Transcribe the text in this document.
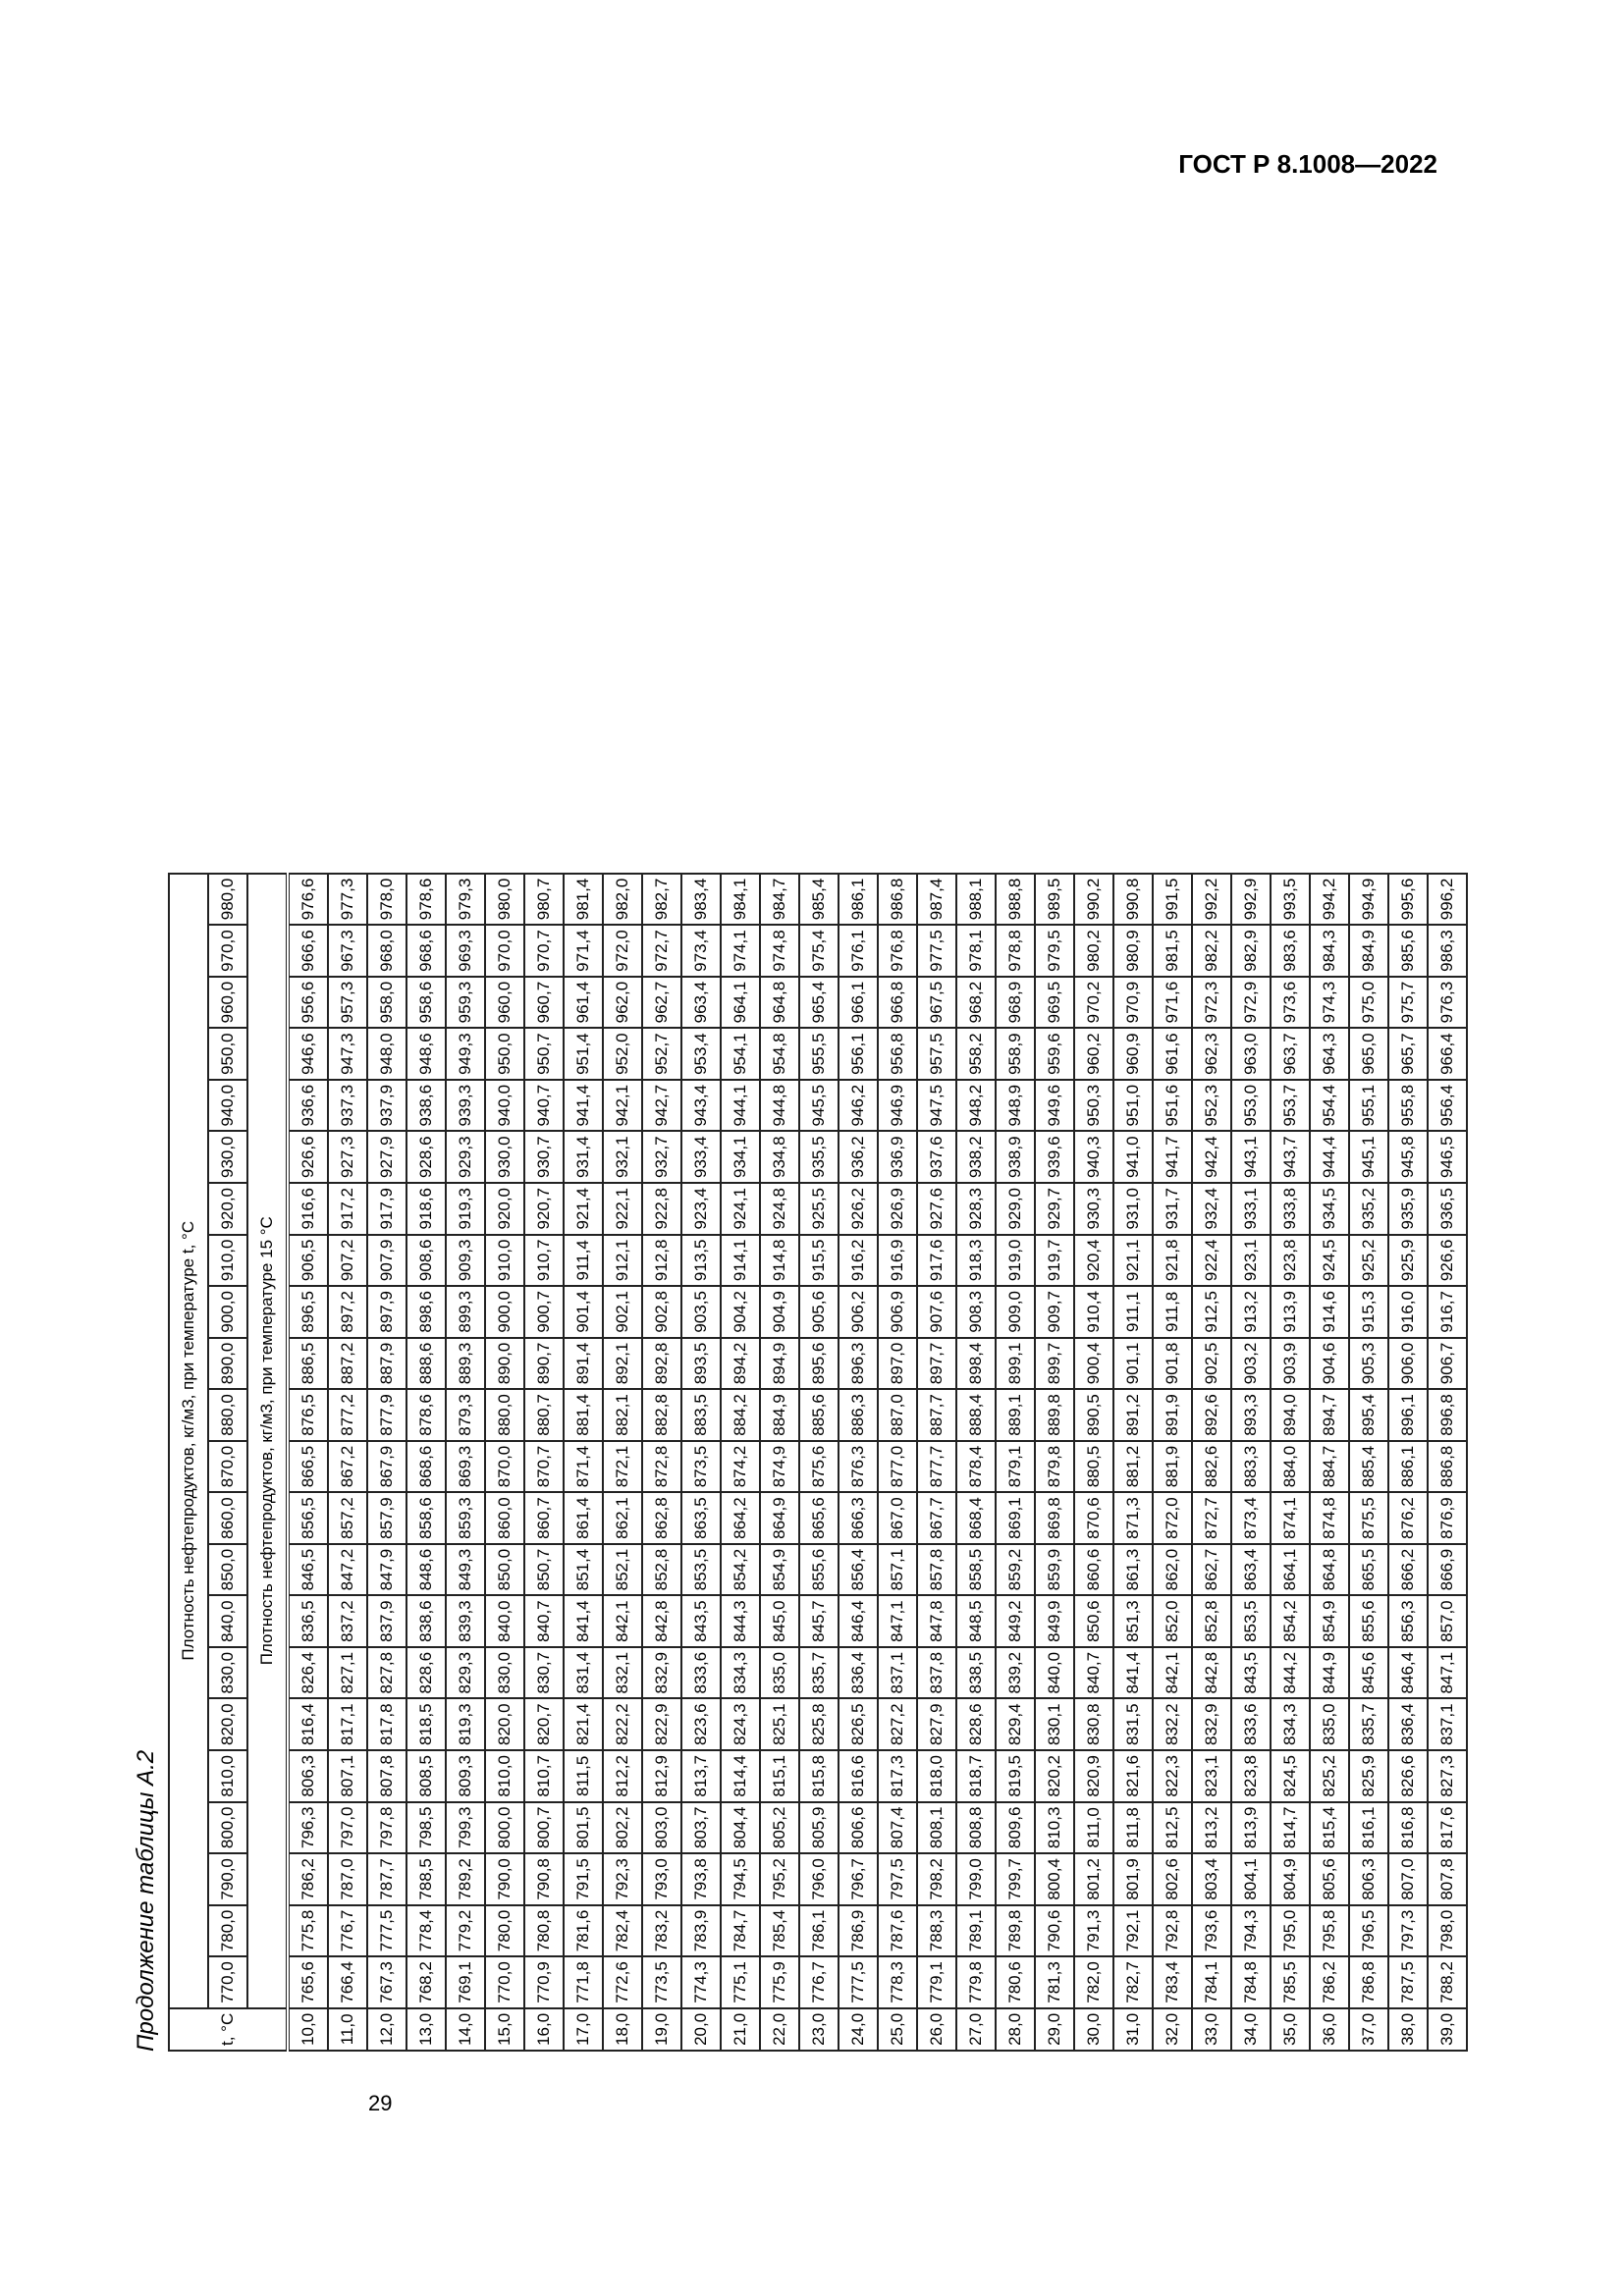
ГОСТ Р 8.1008—2022
Продолжение таблицы А.2	t, °C	Плотность нефтепродуктов, кг/м3, при температуре t, °C																					
	770,0	780,0	790,0	800,0	810,0	820,0	830,0	840,0	850,0	860,0	870,0	880,0	890,0	900,0	910,0	920,0	930,0	940,0	950,0	960,0	970,0	980,0
	Плотность нефтепродуктов, кг/м3, при температуре 15 °C																					
10,0	765,6	775,8	786,2	796,3	806,3	816,4	826,4	836,5	846,5	856,5	866,5	876,5	886,5	896,5	906,5	916,6	926,6	936,6	946,6	956,6	966,6	976,6
11,0	766,4	776,7	787,0	797,0	807,1	817,1	827,1	837,2	847,2	857,2	867,2	877,2	887,2	897,2	907,2	917,2	927,3	937,3	947,3	957,3	967,3	977,3
12,0	767,3	777,5	787,7	797,8	807,8	817,8	827,8	837,9	847,9	857,9	867,9	877,9	887,9	897,9	907,9	917,9	927,9	937,9	948,0	958,0	968,0	978,0
13,0	768,2	778,4	788,5	798,5	808,5	818,5	828,6	838,6	848,6	858,6	868,6	878,6	888,6	898,6	908,6	918,6	928,6	938,6	948,6	958,6	968,6	978,6
14,0	769,1	779,2	789,2	799,3	809,3	819,3	829,3	839,3	849,3	859,3	869,3	879,3	889,3	899,3	909,3	919,3	929,3	939,3	949,3	959,3	969,3	979,3
15,0	770,0	780,0	790,0	800,0	810,0	820,0	830,0	840,0	850,0	860,0	870,0	880,0	890,0	900,0	910,0	920,0	930,0	940,0	950,0	960,0	970,0	980,0
16,0	770,9	780,8	790,8	800,7	810,7	820,7	830,7	840,7	850,7	860,7	870,7	880,7	890,7	900,7	910,7	920,7	930,7	940,7	950,7	960,7	970,7	980,7
17,0	771,8	781,6	791,5	801,5	811,5	821,4	831,4	841,4	851,4	861,4	871,4	881,4	891,4	901,4	911,4	921,4	931,4	941,4	951,4	961,4	971,4	981,4
18,0	772,6	782,4	792,3	802,2	812,2	822,2	832,1	842,1	852,1	862,1	872,1	882,1	892,1	902,1	912,1	922,1	932,1	942,1	952,0	962,0	972,0	982,0
19,0	773,5	783,2	793,0	803,0	812,9	822,9	832,9	842,8	852,8	862,8	872,8	882,8	892,8	902,8	912,8	922,8	932,7	942,7	952,7	962,7	972,7	982,7
20,0	774,3	783,9	793,8	803,7	813,7	823,6	833,6	843,5	853,5	863,5	873,5	883,5	893,5	903,5	913,5	923,4	933,4	943,4	953,4	963,4	973,4	983,4
21,0	775,1	784,7	794,5	804,4	814,4	824,3	834,3	844,3	854,2	864,2	874,2	884,2	894,2	904,2	914,1	924,1	934,1	944,1	954,1	964,1	974,1	984,1
22,0	775,9	785,4	795,2	805,2	815,1	825,1	835,0	845,0	854,9	864,9	874,9	884,9	894,9	904,9	914,8	924,8	934,8	944,8	954,8	964,8	974,8	984,7
23,0	776,7	786,1	796,0	805,9	815,8	825,8	835,7	845,7	855,6	865,6	875,6	885,6	895,6	905,6	915,5	925,5	935,5	945,5	955,5	965,4	975,4	985,4
24,0	777,5	786,9	796,7	806,6	816,6	826,5	836,4	846,4	856,4	866,3	876,3	886,3	896,3	906,2	916,2	926,2	936,2	946,2	956,1	966,1	976,1	986,1
25,0	778,3	787,6	797,5	807,4	817,3	827,2	837,1	847,1	857,1	867,0	877,0	887,0	897,0	906,9	916,9	926,9	936,9	946,9	956,8	966,8	976,8	986,8
26,0	779,1	788,3	798,2	808,1	818,0	827,9	837,8	847,8	857,8	867,7	877,7	887,7	897,7	907,6	917,6	927,6	937,6	947,5	957,5	967,5	977,5	987,4
27,0	779,8	789,1	799,0	808,8	818,7	828,6	838,5	848,5	858,5	868,4	878,4	888,4	898,4	908,3	918,3	928,3	938,2	948,2	958,2	968,2	978,1	988,1
28,0	780,6	789,8	799,7	809,6	819,5	829,4	839,2	849,2	859,2	869,1	879,1	889,1	899,1	909,0	919,0	929,0	938,9	948,9	958,9	968,9	978,8	988,8
29,0	781,3	790,6	800,4	810,3	820,2	830,1	840,0	849,9	859,9	869,8	879,8	889,8	899,7	909,7	919,7	929,7	939,6	949,6	959,6	969,5	979,5	989,5
30,0	782,0	791,3	801,2	811,0	820,9	830,8	840,7	850,6	860,6	870,6	880,5	890,5	900,4	910,4	920,4	930,3	940,3	950,3	960,2	970,2	980,2	990,2
31,0	782,7	792,1	801,9	811,8	821,6	831,5	841,4	851,3	861,3	871,3	881,2	891,2	901,1	911,1	921,1	931,0	941,0	951,0	960,9	970,9	980,9	990,8
32,0	783,4	792,8	802,6	812,5	822,3	832,2	842,1	852,0	862,0	872,0	881,9	891,9	901,8	911,8	921,8	931,7	941,7	951,6	961,6	971,6	981,5	991,5
33,0	784,1	793,6	803,4	813,2	823,1	832,9	842,8	852,8	862,7	872,7	882,6	892,6	902,5	912,5	922,4	932,4	942,4	952,3	962,3	972,3	982,2	992,2
34,0	784,8	794,3	804,1	813,9	823,8	833,6	843,5	853,5	863,4	873,4	883,3	893,3	903,2	913,2	923,1	933,1	943,1	953,0	963,0	972,9	982,9	992,9
35,0	785,5	795,0	804,9	814,7	824,5	834,3	844,2	854,2	864,1	874,1	884,0	894,0	903,9	913,9	923,8	933,8	943,7	953,7	963,7	973,6	983,6	993,5
36,0	786,2	795,8	805,6	815,4	825,2	835,0	844,9	854,9	864,8	874,8	884,7	894,7	904,6	914,6	924,5	934,5	944,4	954,4	964,3	974,3	984,3	994,2
37,0	786,8	796,5	806,3	816,1	825,9	835,7	845,6	855,6	865,5	875,5	885,4	895,4	905,3	915,3	925,2	935,2	945,1	955,1	965,0	975,0	984,9	994,9
38,0	787,5	797,3	807,0	816,8	826,6	836,4	846,4	856,3	866,2	876,2	886,1	896,1	906,0	916,0	925,9	935,9	945,8	955,8	965,7	975,7	985,6	995,6
39,0	788,2	798,0	807,8	817,6	827,3	837,1	847,1	857,0	866,9	876,9	886,8	896,8	906,7	916,7	926,6	936,5	946,5	956,4	966,4	976,3	986,3	996,2
29
